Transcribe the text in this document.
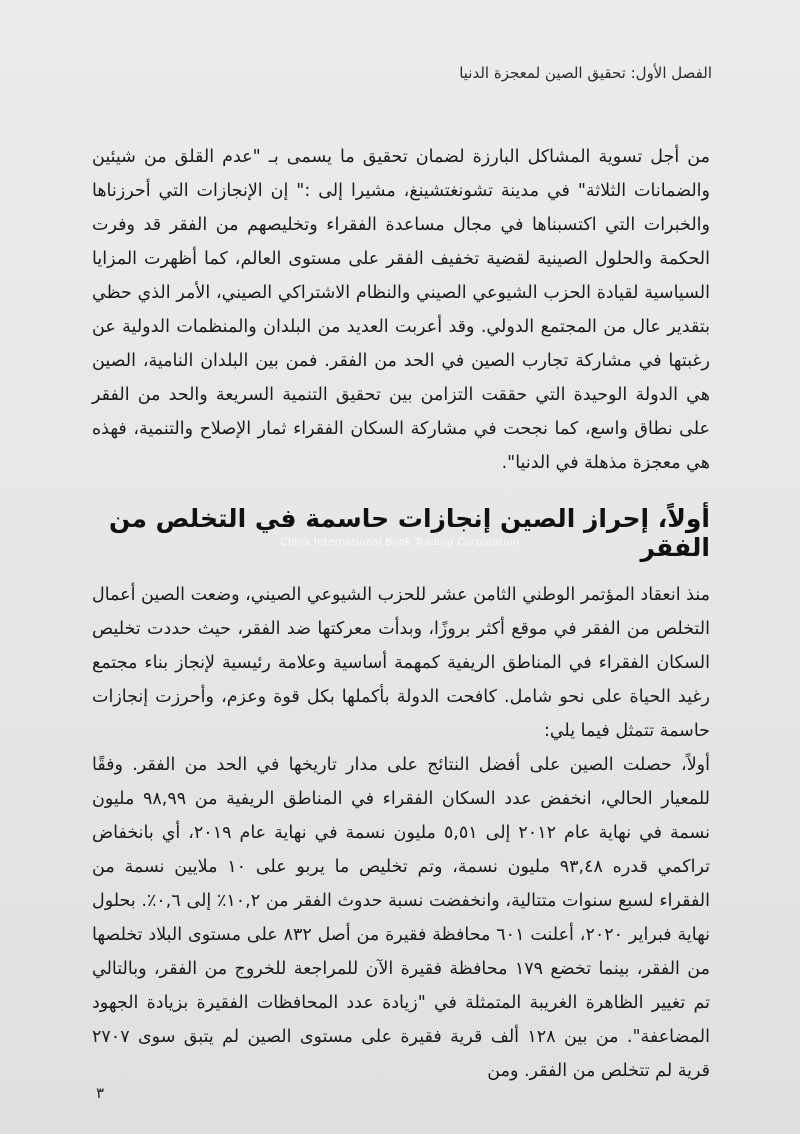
الفصل الأول: تحقيق الصين لمعجزة الدنيا

من أجل تسوية المشاكل البارزة لضمان تحقيق ما يسمى بـ "عدم القلق من شيئين والضمانات الثلاثة" في مدينة تشونغتشينغ، مشيرا إلى :" إن الإنجازات التي أحرزناها والخبرات التي اكتسبناها في مجال مساعدة الفقراء وتخليصهم من الفقر قد وفرت الحكمة والحلول الصينية لقضية تخفيف الفقر على مستوى العالم، كما أظهرت المزايا السياسية لقيادة الحزب الشيوعي الصيني والنظام الاشتراكي الصيني، الأمر الذي حظي بتقدير عال من المجتمع الدولي. وقد أعربت العديد من البلدان والمنظمات الدولية عن رغبتها في مشاركة تجارب الصين في الحد من الفقر. فمن بين البلدان النامية، الصين هي الدولة الوحيدة التي حققت التزامن بين تحقيق التنمية السريعة والحد من الفقر على نطاق واسع، كما نجحت في مشاركة السكان الفقراء ثمار الإصلاح والتنمية، فهذه هي معجزة مذهلة في الدنيا".

أولاً، إحراز الصين إنجازات حاسمة في التخلص من الفقر
China International Book Trading Corporation

منذ انعقاد المؤتمر الوطني الثامن عشر للحزب الشيوعي الصيني، وضعت الصين أعمال التخلص من الفقر في موقع أكثر بروزًا، وبدأت معركتها ضد الفقر، حيث حددت تخليص السكان الفقراء في المناطق الريفية كمهمة أساسية وعلامة رئيسية لإنجاز بناء مجتمع رغيد الحياة على نحو شامل. كافحت الدولة بأكملها بكل قوة وعزم، وأحرزت إنجازات حاسمة تتمثل فيما يلي:

أولاً، حصلت الصين على أفضل النتائج على مدار تاريخها في الحد من الفقر. وفقًا للمعيار الحالي، انخفض عدد السكان الفقراء في المناطق الريفية من ٩٨,٩٩ مليون نسمة في نهاية عام ٢٠١٢ إلى ٥,٥١ مليون نسمة في نهاية عام ٢٠١٩، أي بانخفاض تراكمي قدره ٩٣,٤٨ مليون نسمة، وتم تخليص ما يربو على ١٠ ملايين نسمة من الفقراء لسبع سنوات متتالية، وانخفضت نسبة حدوث الفقر من ١٠,٢٪ إلى ٠,٦٪. بحلول نهاية فبراير ٢٠٢٠، أعلنت ٦٠١ محافظة فقيرة من أصل ٨٣٢ على مستوى البلاد تخلصها من الفقر، بينما تخضع ١٧٩ محافظة فقيرة الآن للمراجعة للخروج من الفقر، وبالتالي تم تغيير الظاهرة الغريبة المتمثلة في "زيادة عدد المحافظات الفقيرة بزيادة الجهود المضاعفة". من بين ١٢٨ ألف قرية فقيرة على مستوى الصين لم يتبق سوى ٢٧٠٧ قرية لم تتخلص من الفقر. ومن

٣
